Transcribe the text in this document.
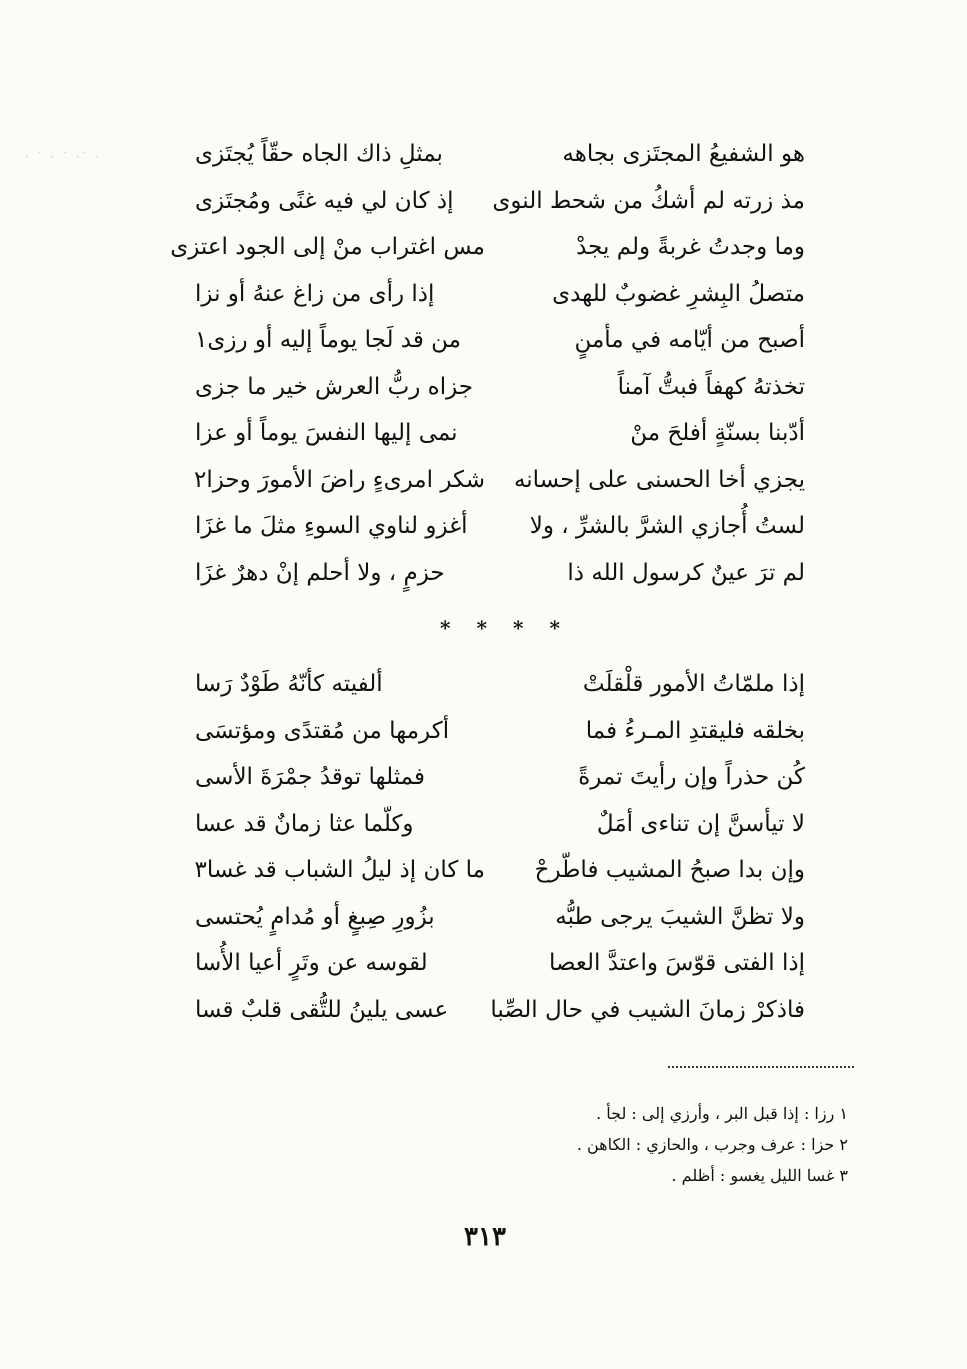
· ˙ · ˙ ·˙ ·	هو الشفيعُ المجتَزى بجاهه
بمثلِ ذاك الجاه حقّاً يُجتَزى
مذ زرته لم أشكُ من شحط النوى
إذ كان لي فيه غنًى ومُجتَزى
وما وجدتُ غربةً ولم يجدْ
مس اغتراب منْ إلى الجود اعتزى
متصلُ البِشرِ غضوبٌ للهدى
إذا رأى من زاغ عنهُ أو نزا
أصبح من أيّامه في مأمنٍ
من قد لَجا يوماً إليه أو رزى١
تخذتهُ كهفاً فبتُّ آمناً
جزاه ربُّ العرش خير ما جزى
أدّبنا بسنّةٍ أفلحَ منْ
نمى إليها النفسَ يوماً أو عزا
يجزي أخا الحسنى على إحسانه
شكر امرىءٍ راضَ الأمورَ وحزا٢
لستُ أُجازي الشرَّ بالشرِّ ، ولا
أغزو لناوي السوءِ مثلَ ما غزَا
لم ترَ عينٌ كرسول الله ذا
حزمٍ ، ولا أحلم إنْ دهرٌ غزَا
*
*
*
*
إذا ملمّاتُ الأمور قلْقلَتْ
ألفيته كأنّهُ طَوْدٌ رَسا
بخلقه فليقتدِ المـرءُ فما
أكرمها من مُقتدًى ومؤتسَى
كُن حذراً وإن رأيتَ تمرةً
فمثلها توقدُ جمْرَةَ الأسى
لا تيأسنَّ إن تناءى أمَلٌ
وكلّما عثا زمانٌ قد عسا
وإن بدا صبحُ المشيب فاطّرحْ
ما كان إذ ليلُ الشباب قد غسا٣
ولا تظنَّ الشيبَ يرجى طبُّه
بزُورِ صِبغٍ أو مُدامٍ يُحتسى
إذا الفتى قوّسَ واعتدَّ العصا
لقوسه عن وتَرٍ أعيا الأُسا
فاذكرْ زمانَ الشيب في حال الصِّبا
عسى يلينُ للتُّقى قلبٌ قسا
١ رزا : إذا قبل البر ، وأرزي إلى : لجأ .
٢ حزا : عرف وجرب ، والحازي : الكاهن .
٣ غسا الليل يغسو : أظلم .
٣١٣
